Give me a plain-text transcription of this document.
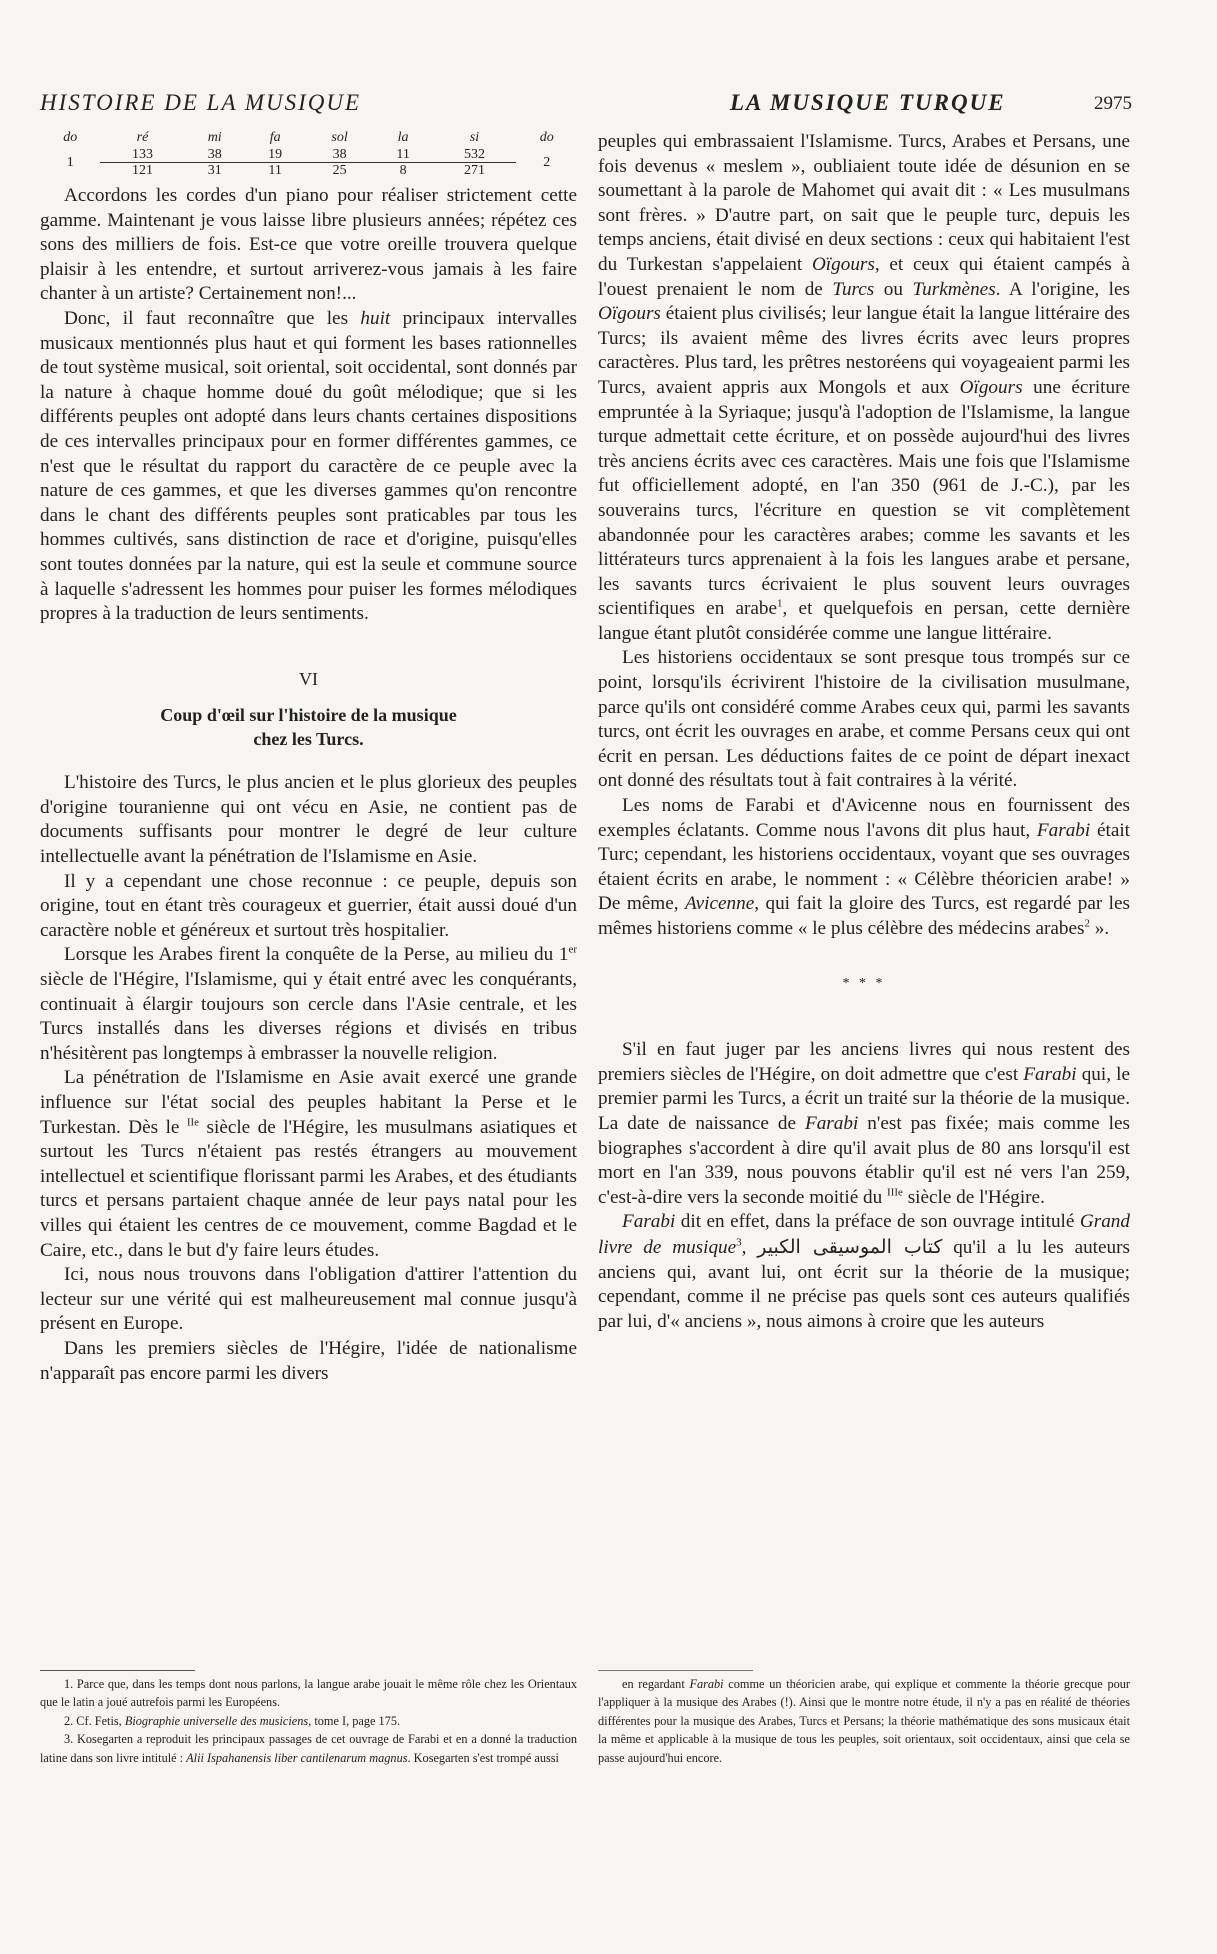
HISTOIRE DE LA MUSIQUE	LA MUSIQUE TURQUE	2975
do	ré	mi	fa	sol	la	si	do
1	133	38	19	38	11	532	2
	121	31	11	25	8	271	

Accordons les cordes d'un piano pour réaliser strictement cette gamme. Maintenant je vous laisse libre plusieurs années; répétez ces sons des milliers de fois. Est-ce que votre oreille trouvera quelque plaisir à les entendre, et surtout arriverez-vous jamais à les faire chanter à un artiste? Certainement non!...

Donc, il faut reconnaître que les huit principaux intervalles musicaux mentionnés plus haut et qui forment les bases rationnelles de tout système musical, soit oriental, soit occidental, sont donnés par la nature à chaque homme doué du goût mélodique; que si les différents peuples ont adopté dans leurs chants certaines dispositions de ces intervalles principaux pour en former différentes gammes, ce n'est que le résultat du rapport du caractère de ce peuple avec la nature de ces gammes, et que les diverses gammes qu'on rencontre dans le chant des différents peuples sont praticables par tous les hommes cultivés, sans distinction de race et d'origine, puisqu'elles sont toutes données par la nature, qui est la seule et commune source à laquelle s'adressent les hommes pour puiser les formes mélodiques propres à la traduction de leurs sentiments.

VI

Coup d'œil sur l'histoire de la musique
chez les Turcs.

L'histoire des Turcs, le plus ancien et le plus glorieux des peuples d'origine touranienne qui ont vécu en Asie, ne contient pas de documents suffisants pour montrer le degré de leur culture intellectuelle avant la pénétration de l'Islamisme en Asie.

Il y a cependant une chose reconnue : ce peuple, depuis son origine, tout en étant très courageux et guerrier, était aussi doué d'un caractère noble et généreux et surtout très hospitalier.

Lorsque les Arabes firent la conquête de la Perse, au milieu du 1er siècle de l'Hégire, l'Islamisme, qui y était entré avec les conquérants, continuait à élargir toujours son cercle dans l'Asie centrale, et les Turcs installés dans les diverses régions et divisés en tribus n'hésitèrent pas longtemps à embrasser la nouvelle religion.

La pénétration de l'Islamisme en Asie avait exercé une grande influence sur l'état social des peuples habitant la Perse et le Turkestan. Dès le $^{IIe}$ siècle de l'Hégire, les musulmans asiatiques et surtout les Turcs n'étaient pas restés étrangers au mouvement intellectuel et scientifique florissant parmi les Arabes, et des étudiants turcs et persans partaient chaque année de leur pays natal pour les villes qui étaient les centres de ce mouvement, comme Bagdad et le Caire, etc., dans le but d'y faire leurs études.

Ici, nous nous trouvons dans l'obligation d'attirer l'attention du lecteur sur une vérité qui est malheureusement mal connue jusqu'à présent en Europe.

Dans les premiers siècles de l'Hégire, l'idée de nationalisme n'apparaît pas encore parmi les divers

peuples qui embrassaient l'Islamisme. Turcs, Arabes et Persans, une fois devenus « meslem », oubliaient toute idée de désunion en se soumettant à la parole de Mahomet qui avait dit : « Les musulmans sont frères. » D'autre part, on sait que le peuple turc, depuis les temps anciens, était divisé en deux sections : ceux qui habitaient l'est du Turkestan s'appelaient Oïgours, et ceux qui étaient campés à l'ouest prenaient le nom de Turcs ou Turkmènes. A l'origine, les Oïgours étaient plus civilisés; leur langue était la langue littéraire des Turcs; ils avaient même des livres écrits avec leurs propres caractères. Plus tard, les prêtres nestoréens qui voyageaient parmi les Turcs, avaient appris aux Mongols et aux Oïgours une écriture empruntée à la Syriaque; jusqu'à l'adoption de l'Islamisme, la langue turque admettait cette écriture, et on possède aujourd'hui des livres très anciens écrits avec ces caractères. Mais une fois que l'Islamisme fut officiellement adopté, en l'an 350 (961 de J.-C.), par les souverains turcs, l'écriture en question se vit complètement abandonnée pour les caractères arabes; comme les savants et les littérateurs turcs apprenaient à la fois les langues arabe et persane, les savants turcs écrivaient le plus souvent leurs ouvrages scientifiques en arabe$^1$, et quelquefois en persan, cette dernière langue étant plutôt considérée comme une langue littéraire.

Les historiens occidentaux se sont presque tous trompés sur ce point, lorsqu'ils écrivirent l'histoire de la civilisation musulmane, parce qu'ils ont considéré comme Arabes ceux qui, parmi les savants turcs, ont écrit les ouvrages en arabe, et comme Persans ceux qui ont écrit en persan. Les déductions faites de ce point de départ inexact ont donné des résultats tout à fait contraires à la vérité.

Les noms de Farabi et d'Avicenne nous en fournissent des exemples éclatants. Comme nous l'avons dit plus haut, Farabi était Turc; cependant, les historiens occidentaux, voyant que ses ouvrages étaient écrits en arabe, le nomment : « Célèbre théoricien arabe! » De même, Avicenne, qui fait la gloire des Turcs, est regardé par les mêmes historiens comme « le plus célèbre des médecins arabes$^2$ ».

* * *

S'il en faut juger par les anciens livres qui nous restent des premiers siècles de l'Hégire, on doit admettre que c'est Farabi qui, le premier parmi les Turcs, a écrit un traité sur la théorie de la musique. La date de naissance de Farabi n'est pas fixée; mais comme les biographes s'accordent à dire qu'il avait plus de 80 ans lorsqu'il est mort en l'an 339, nous pouvons établir qu'il est né vers l'an 259, c'est-à-dire vers la seconde moitié du $^{IIIe}$ siècle de l'Hégire.

Farabi dit en effet, dans la préface de son ouvrage intitulé Grand livre de musique$^3$, كتاب الموسيقى الكبير qu'il a lu les auteurs anciens qui, avant lui, ont écrit sur la théorie de la musique; cependant, comme il ne précise pas quels sont ces auteurs qualifiés par lui, d'« anciens », nous aimons à croire que les auteurs

1. Parce que, dans les temps dont nous parlons, la langue arabe jouait le même rôle chez les Orientaux que le latin a joué autrefois parmi les Européens.

2. Cf. Fetis, Biographie universelle des musiciens, tome I, page 175.

3. Kosegarten a reproduit les principaux passages de cet ouvrage de Farabi et en a donné la traduction latine dans son livre intitulé : Alii Ispahanensis liber cantilenarum magnus. Kosegarten s'est trompé aussi

en regardant Farabi comme un théoricien arabe, qui explique et commente la théorie grecque pour l'appliquer à la musique des Arabes (!). Ainsi que le montre notre étude, il n'y a pas en réalité de théories différentes pour la musique des Arabes, Turcs et Persans; la théorie mathématique des sons musicaux était la même et applicable à la musique de tous les peuples, soit orientaux, soit occidentaux, ainsi que cela se passe aujourd'hui encore.
